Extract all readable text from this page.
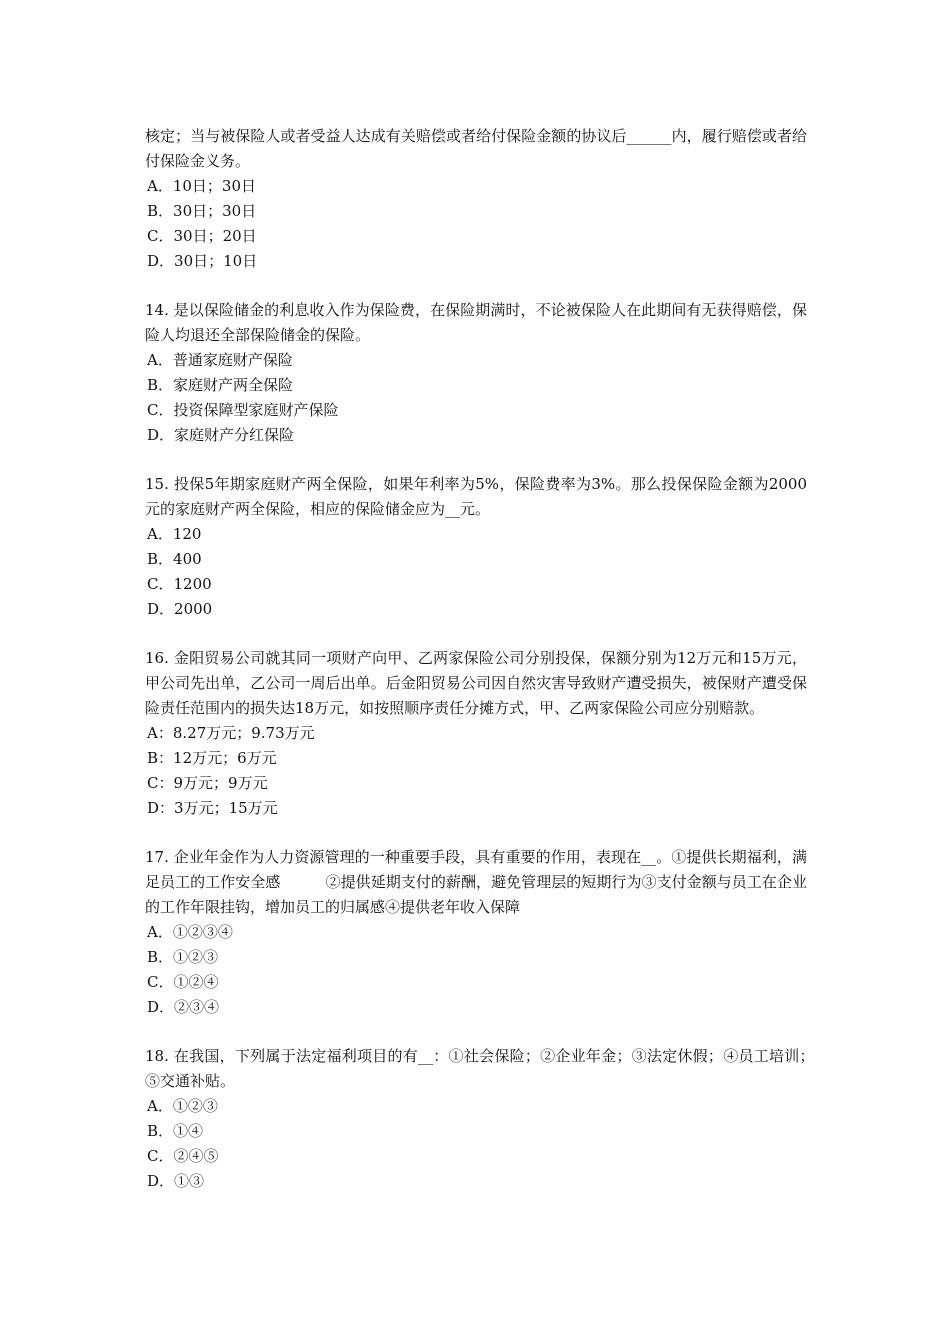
核定；当与被保险人或者受益人达成有关赔偿或者给付保险金额的协议后______内，履行赔偿或者给付保险金义务。

A．10日；30日

B．30日；30日

C．30日；20日

D．30日；10日

14. 是以保险储金的利息收入作为保险费，在保险期满时，不论被保险人在此期间有无获得赔偿，保险人均退还全部保险储金的保险。

A．普通家庭财产保险

B．家庭财产两全保险

C．投资保障型家庭财产保险

D．家庭财产分红保险

15. 投保5年期家庭财产两全保险，如果年利率为5%，保险费率为3%。那么投保保险金额为2000元的家庭财产两全保险，相应的保险储金应为__元。

A．120

B．400

C．1200

D．2000

16. 金阳贸易公司就其同一项财产向甲、乙两家保险公司分别投保，保额分别为12万元和15万元，甲公司先出单，乙公司一周后出单。后金阳贸易公司因自然灾害导致财产遭受损失，被保财产遭受保险责任范围内的损失达18万元，如按照顺序责任分摊方式，甲、乙两家保险公司应分别赔款。

A：8.27万元；9.73万元

B：12万元；6万元

C：9万元；9万元

D：3万元；15万元

17. 企业年金作为人力资源管理的一种重要手段，具有重要的作用，表现在__。①提供长期福利，满足员工的工作安全感　　　②提供延期支付的薪酬，避免管理层的短期行为③支付金额与员工在企业的工作年限挂钩，增加员工的归属感④提供老年收入保障

A．①②③④

B．①②③

C．①②④

D．②③④

18. 在我国，下列属于法定福利项目的有__：①社会保险；②企业年金；③法定休假；④员工培训；　⑤交通补贴。

A．①②③

B．①④

C．②④⑤

D．①③
